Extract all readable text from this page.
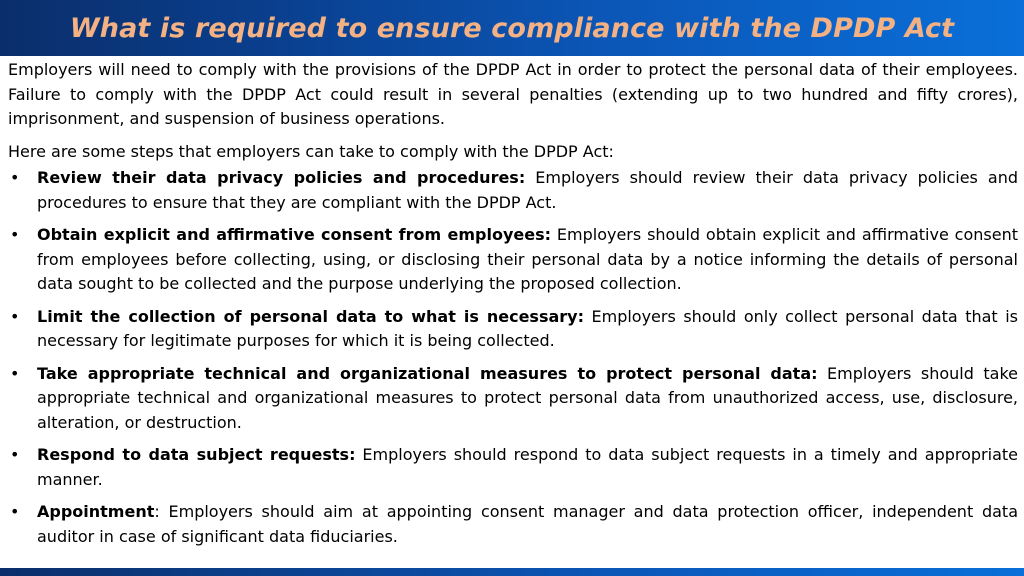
What is required to ensure compliance with the DPDP Act

Employers will need to comply with the provisions of the DPDP Act in order to protect the personal data of their employees. Failure to comply with the DPDP Act could result in several penalties (extending up to two hundred and fifty crores), imprisonment, and suspension of business operations.

Here are some steps that employers can take to comply with the DPDP Act:

• Review their data privacy policies and procedures: Employers should review their data privacy policies and procedures to ensure that they are compliant with the DPDP Act.
• Obtain explicit and affirmative consent from employees: Employers should obtain explicit and affirmative consent from employees before collecting, using, or disclosing their personal data by a notice informing the details of personal data sought to be collected and the purpose underlying the proposed collection.
• Limit the collection of personal data to what is necessary: Employers should only collect personal data that is necessary for legitimate purposes for which it is being collected.
• Take appropriate technical and organizational measures to protect personal data: Employers should take appropriate technical and organizational measures to protect personal data from unauthorized access, use, disclosure, alteration, or destruction.
• Respond to data subject requests: Employers should respond to data subject requests in a timely and appropriate manner.
• Appointment: Employers should aim at appointing consent manager and data protection officer, independent data auditor in case of significant data fiduciaries.
